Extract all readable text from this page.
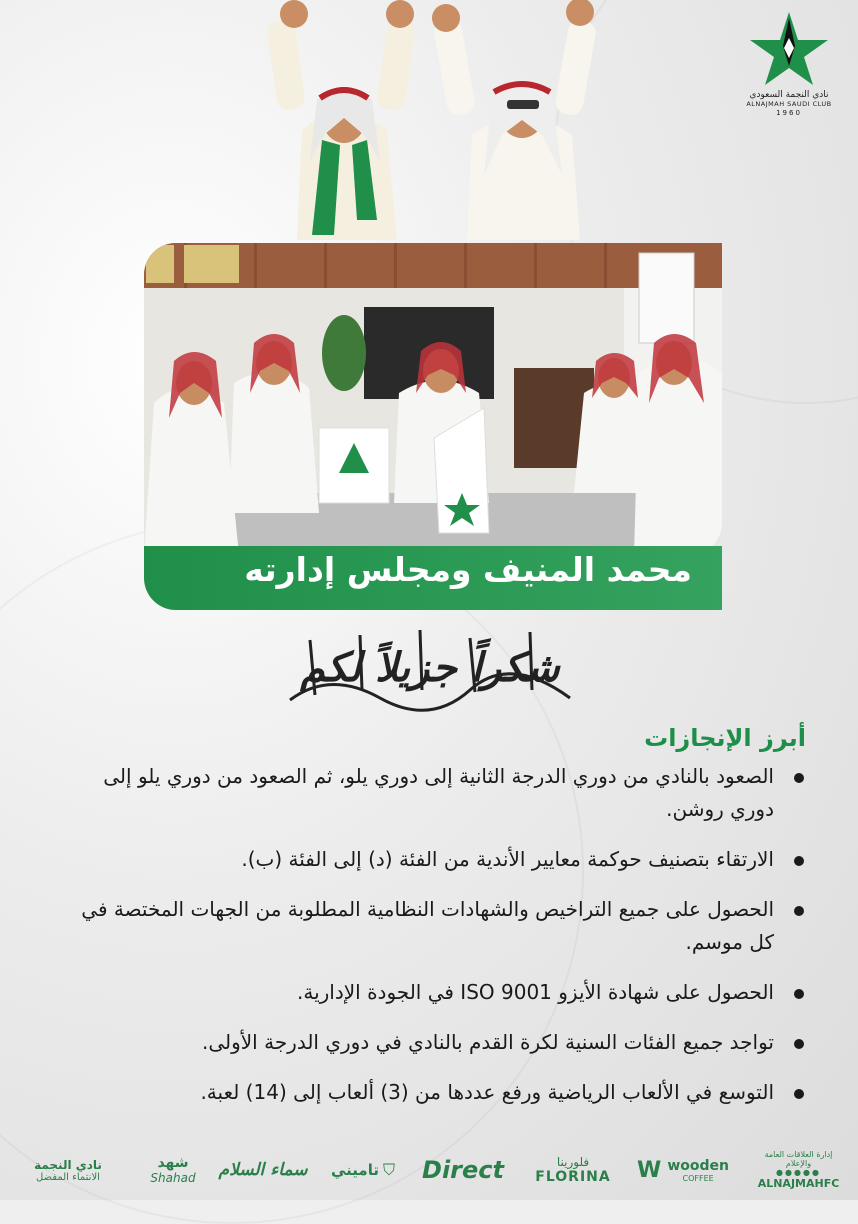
نادي النجمة السعودي
ALNAJMAH SAUDI CLUB
1960
محمد المنيف ومجلس إدارته
شكراً جزيلاً لكم
أبرز الإنجازات
الصعود بالنادي من دوري الدرجة الثانية إلى دوري يلو، ثم الصعود من دوري يلو إلى دوري روشن.
الارتقاء بتصنيف حوكمة معايير الأندية من الفئة (د) إلى الفئة (ب).
الحصول على جميع التراخيص والشهادات النظامية المطلوبة من الجهات المختصة في كل موسم.
الحصول على شهادة الأيزو ISO 9001 في الجودة الإدارية.
تواجد جميع الفئات السنية لكرة القدم بالنادي في دوري الدرجة الأولى.
التوسع في الألعاب الرياضية ورفع عددها من (3) ألعاب إلى (14) لعبة.
إدارة العلاقات العامة والإعلام
●●●●●
ALNAJMAHFC
W wooden
COFFEE
فلورينا
FLORINA
Direct
تاميني ⛉
سماء السلام
شهد
Shahad
نادي النجمة
الانتماء المفضل
